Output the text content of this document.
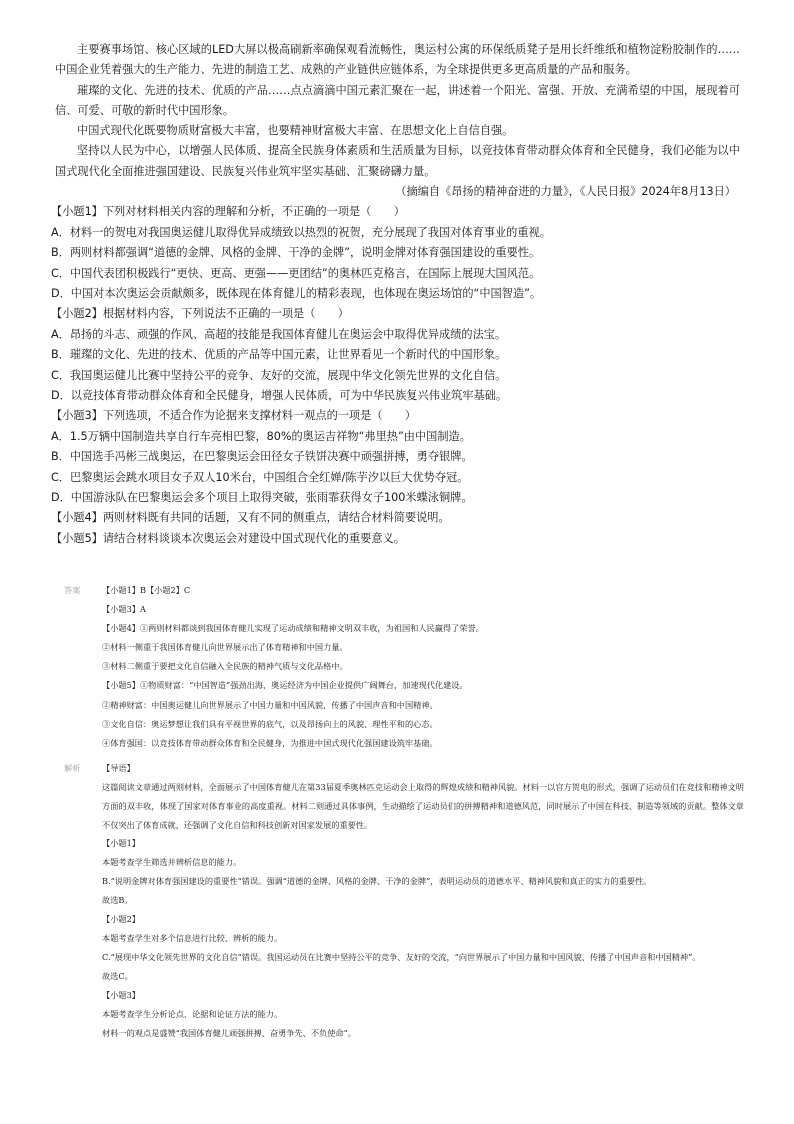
主要赛事场馆、核心区域的LED大屏以极高刷新率确保观看流畅性，奥运村公寓的环保纸质凳子是用长纤维纸和植物淀粉胶制作的……中国企业凭着强大的生产能力、先进的制造工艺、成熟的产业链供应链体系，为全球提供更多更高质量的产品和服务。

璀璨的文化、先进的技术、优质的产品……点点滴滴中国元素汇聚在一起，讲述着一个阳光、富强、开放、充满希望的中国，展现着可信、可爱、可敬的新时代中国形象。

中国式现代化既要物质财富极大丰富，也要精神财富极大丰富、在思想文化上自信自强。

坚持以人民为中心，以增强人民体质、提高全民族身体素质和生活质量为目标，以竞技体育带动群众体育和全民健身，我们必能为以中国式现代化全面推进强国建设、民族复兴伟业筑牢坚实基础、汇聚磅礴力量。

（摘编自《昂扬的精神奋进的力量》，《人民日报》2024年8月13日）

【小题1】下列对材料相关内容的理解和分析，不正确的一项是（　　）

A．材料一的贺电对我国奥运健儿取得优异成绩致以热烈的祝贺，充分展现了我国对体育事业的重视。

B．两则材料都强调“道德的金牌、风格的金牌、干净的金牌”，说明金牌对体育强国建设的重要性。

C．中国代表团积极践行“更快、更高、更强——更团结”的奥林匹克格言，在国际上展现大国风范。

D．中国对本次奥运会贡献颇多，既体现在体育健儿的精彩表现，也体现在奥运场馆的“中国智造”。

【小题2】根据材料内容，下列说法不正确的一项是（　　）

A．昂扬的斗志、顽强的作风、高超的技能是我国体育健儿在奥运会中取得优异成绩的法宝。

B．璀璨的文化、先进的技术、优质的产品等中国元素，让世界看见一个新时代的中国形象。

C．我国奥运健儿比赛中坚持公平的竞争、友好的交流，展现中华文化领先世界的文化自信。

D．以竞技体育带动群众体育和全民健身，增强人民体质，可为中华民族复兴伟业筑牢基础。

【小题3】下列选项，不适合作为论据来支撑材料一观点的一项是（　　）

A．1.5万辆中国制造共享自行车亮相巴黎，80%的奥运吉祥物“弗里热”由中国制造。

B．中国选手冯彬三战奥运，在巴黎奥运会田径女子铁饼决赛中顽强拼搏，勇夺银牌。

C．巴黎奥运会跳水项目女子双人10米台，中国组合全红婵/陈芋汐以巨大优势夺冠。

D．中国游泳队在巴黎奥运会多个项目上取得突破，张雨霏获得女子100米蝶泳铜牌。

【小题4】两则材料既有共同的话题，又有不同的侧重点，请结合材料简要说明。

【小题5】请结合材料谈谈本次奥运会对建设中国式现代化的重要意义。

答案	【小题1】B【小题2】C

【小题3】A

【小题4】①两则材料都谈到我国体育健儿实现了运动成绩和精神文明双丰收，为祖国和人民赢得了荣誉。

②材料一侧重于我国体育健儿向世界展示出了体育精神和中国力量。

③材料二侧重于要把文化自信融入全民族的精神气质与文化品格中。

【小题5】①物质财富：“中国智造”强劲出海，奥运经济为中国企业提供广阔舞台，加速现代化建设。

②精神财富：中国奥运健儿向世界展示了中国力量和中国风貌，传播了中国声音和中国精神。

③文化自信：奥运梦想让我们具有平视世界的底气，以及昂扬向上的风貌、理性平和的心态。

④体育强国：以竞技体育带动群众体育和全民健身，为推进中国式现代化强国建设筑牢基础。

解析	【导语】

这篇阅读文章通过两则材料，全面展示了中国体育健儿在第33届夏季奥林匹克运动会上取得的辉煌成绩和精神风貌。材料一以官方贺电的形式，强调了运动员们在竞技和精神文明方面的双丰收，体现了国家对体育事业的高度重视。材料二则通过具体事例，生动描绘了运动员们的拼搏精神和道德风范，同时展示了中国在科技、制造等领域的贡献。整体文章不仅突出了体育成就，还强调了文化自信和科技创新对国家发展的重要性。

【小题1】

本题考查学生筛选并辨析信息的能力。

B.“说明金牌对体育强国建设的重要性”错误。强调“道德的金牌、风格的金牌、干净的金牌”，表明运动员的道德水平、精神风貌和真正的实力的重要性。

故选B。

【小题2】

本题考查学生对多个信息进行比较、辨析的能力。

C.“展现中华文化领先世界的文化自信”错误。我国运动员在比赛中坚持公平的竞争、友好的交流，“向世界展示了中国力量和中国风貌、传播了中国声音和中国精神”。

故选C。

【小题3】

本题考查学生分析论点、论据和论证方法的能力。

材料一的观点是盛赞“我国体育健儿顽强拼搏、奋勇争先、不负使命”。
